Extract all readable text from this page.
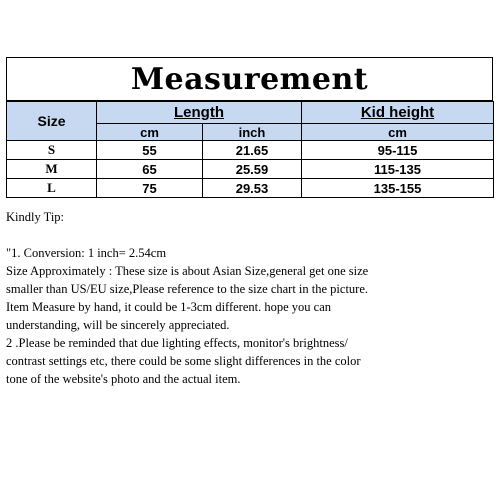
Measurement
Size	Length		Kid height
	cm	inch	cm
S	55	21.65	95-115
M	65	25.59	115-135
L	75	29.53	135-155

Kindly Tip:

"1. Conversion: 1 inch= 2.54cm

Size Approximately : These size is about Asian Size,general get one size

smaller than US/EU size,Please reference to the size chart in the picture.

Item Measure by hand, it could be 1-3cm different. hope you can

understanding, will be sincerely appreciated.

2 .Please be reminded that due lighting effects, monitor's brightness/

contrast settings etc, there could be some slight differences in the color

tone of the website's photo and the actual item.
